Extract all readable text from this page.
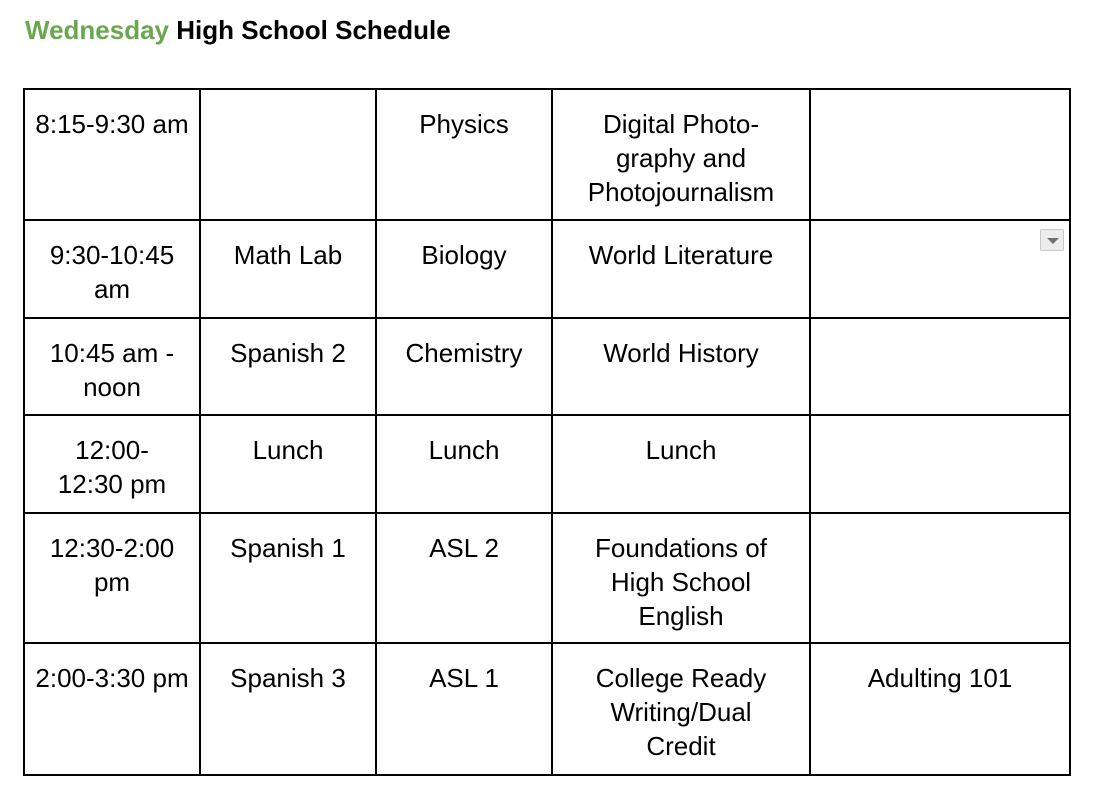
Wednesday High School Schedule
8:15-9:30 am		Physics	Digital Photo-graphy and Photojournalism	
9:30-10:45 am	Math Lab	Biology	World Literature	

10:45 am - noon	Spanish 2	Chemistry	World History	
12:00-12:30 pm	Lunch	Lunch	Lunch	
12:30-2:00 pm	Spanish 1	ASL 2	Foundations of High School English	
2:00-3:30 pm	Spanish 3	ASL 1	College Ready Writing/Dual Credit	Adulting 101
